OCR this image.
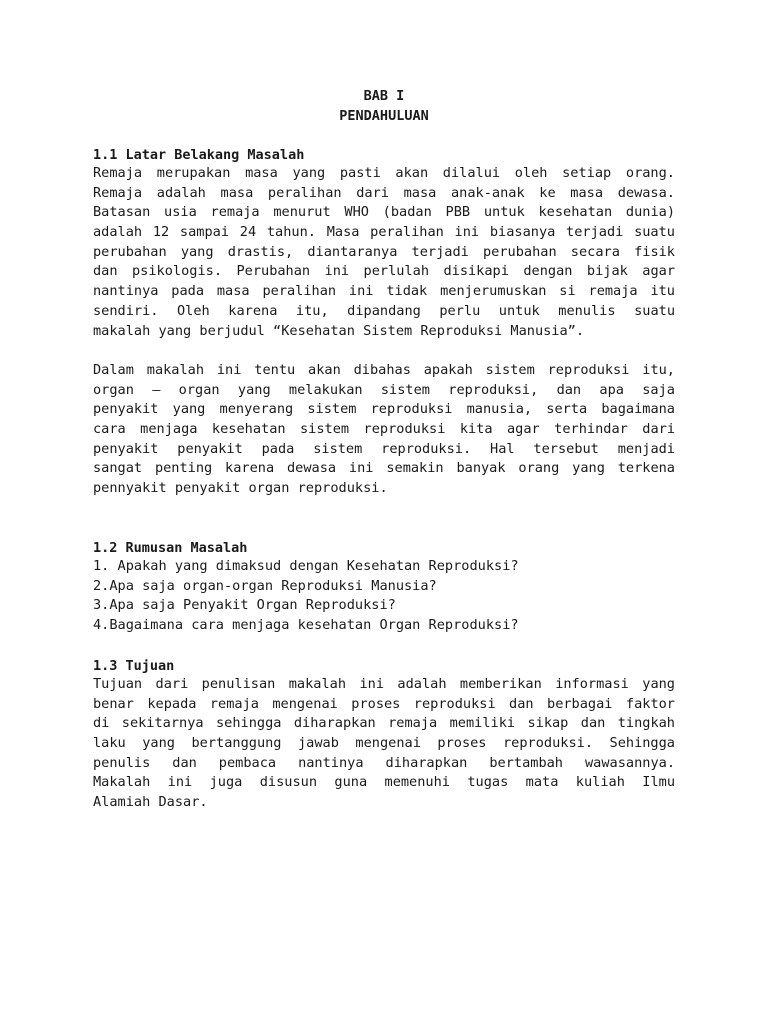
BAB I
PENDAHULUAN
1.1 Latar Belakang Masalah
Remaja merupakan masa yang pasti akan dilalui oleh setiap orang.
Remaja adalah masa peralihan dari masa anak-anak ke masa dewasa.
Batasan usia remaja menurut WHO (badan PBB untuk kesehatan dunia)
adalah 12 sampai 24 tahun. Masa peralihan ini biasanya terjadi suatu
perubahan yang drastis, diantaranya terjadi perubahan secara fisik
dan psikologis. Perubahan ini perlulah disikapi dengan bijak agar
nantinya pada masa peralihan ini tidak menjerumuskan si remaja itu
sendiri. Oleh karena itu, dipandang perlu untuk menulis suatu
makalah yang berjudul “Kesehatan Sistem Reproduksi Manusia”.
Dalam makalah ini tentu akan dibahas apakah sistem reproduksi itu,
organ – organ yang melakukan sistem reproduksi, dan apa saja
penyakit yang menyerang sistem reproduksi manusia, serta bagaimana
cara menjaga kesehatan sistem reproduksi kita agar terhindar dari
penyakit penyakit pada sistem reproduksi. Hal tersebut menjadi
sangat penting karena dewasa ini semakin banyak orang yang terkena
pennyakit penyakit organ reproduksi.
1.2 Rumusan Masalah
1. Apakah yang dimaksud dengan Kesehatan Reproduksi?
2.Apa saja organ-organ Reproduksi Manusia?
3.Apa saja Penyakit Organ Reproduksi?
4.Bagaimana cara menjaga kesehatan Organ Reproduksi?
1.3 Tujuan
Tujuan dari penulisan makalah ini adalah memberikan informasi yang
benar kepada remaja mengenai proses reproduksi dan berbagai faktor
di sekitarnya sehingga diharapkan remaja memiliki sikap dan tingkah
laku yang bertanggung jawab mengenai proses reproduksi. Sehingga
penulis dan pembaca nantinya diharapkan bertambah wawasannya.
Makalah ini juga disusun guna memenuhi tugas mata kuliah Ilmu
Alamiah Dasar.
